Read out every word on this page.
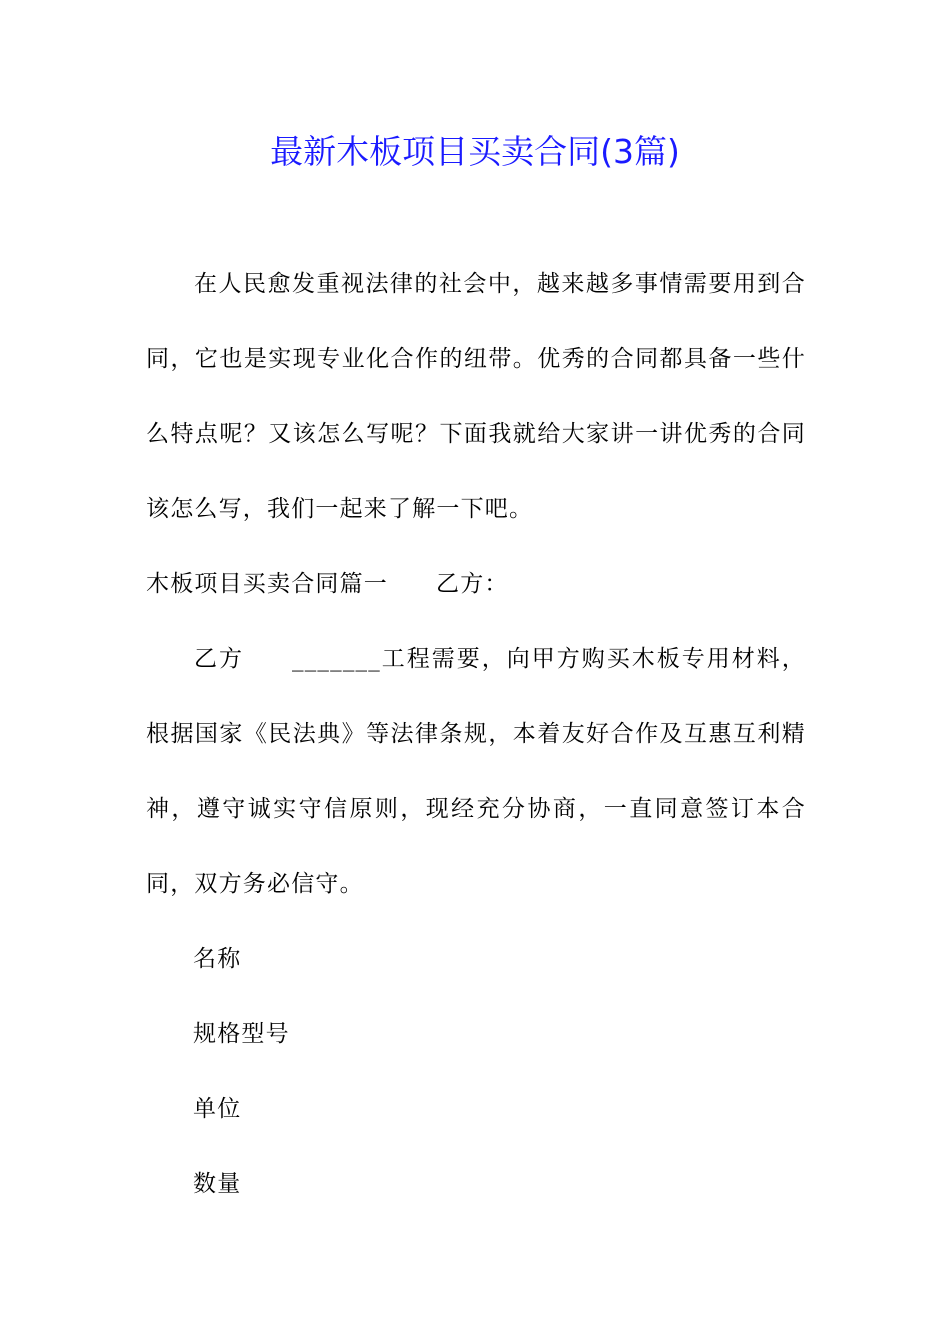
最新木板项目买卖合同(3篇)

在人民愈发重视法律的社会中，越来越多事情需要用到合同，它也是实现专业化合作的纽带。优秀的合同都具备一些什么特点呢？又该怎么写呢？下面我就给大家讲一讲优秀的合同该怎么写，我们一起来了解一下吧。

木板项目买卖合同篇一 乙方：

乙方 _______工程需要，向甲方购买木板专用材料，根据国家《民法典》等法律条规，本着友好合作及互惠互利精神，遵守诚实守信原则，现经充分协商，一直同意签订本合同，双方务必信守。

名称

规格型号

单位

数量
